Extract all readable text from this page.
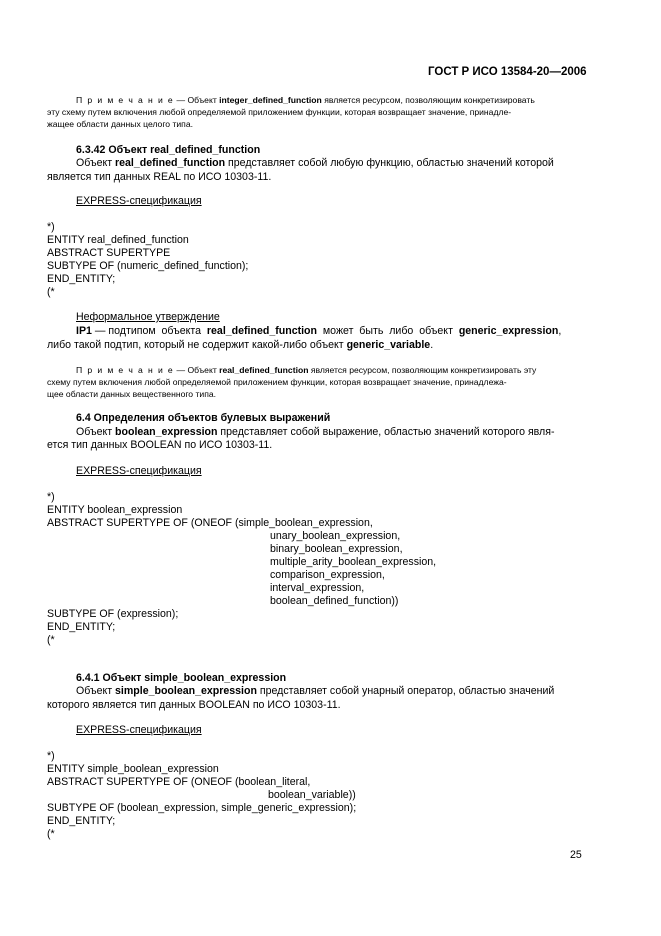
ГОСТ Р ИСО 13584-20—2006
П р и м е ч а н и е — Объект integer_defined_function является ресурсом, позволяющим конкретизировать
эту схему путем включения любой определяемой приложением функции, которая возвращает значение, принадле-
жащее области данных целого типа.
6.3.42 Объект real_defined_function
Объект real_defined_function представляет собой любую функцию, областью значений которой
является тип данных REAL по ИСО 10303-11.
EXPRESS-спецификация
*)
ENTITY real_defined_function
ABSTRACT SUPERTYPE
SUBTYPE OF (numeric_defined_function);
END_ENTITY;
(*
Неформальное утверждение
IP1 — подтипом  объекта  real_defined_function  может  быть  либо  объект  generic_expression,
либо такой подтип, который не содержит какой-либо объект generic_variable.
П р и м е ч а н и е — Объект real_defined_function является ресурсом, позволяющим конкретизировать эту
схему путем включения любой определяемой приложением функции, которая возвращает значение, принадлежа-
щее области данных вещественного типа.
6.4 Определения объектов булевых выражений
Объект boolean_expression представляет собой выражение, областью значений которого явля-
ется тип данных BOOLEAN по ИСО 10303-11.
EXPRESS-спецификация
*)
ENTITY boolean_expression
ABSTRACT SUPERTYPE OF (ONEOF (simple_boolean_expression,
unary_boolean_expression,
binary_boolean_expression,
multiple_arity_boolean_expression,
comparison_expression,
interval_expression,
boolean_defined_function))
SUBTYPE OF (expression);
END_ENTITY;
(*
6.4.1 Объект simple_boolean_expression
Объект simple_boolean_expression представляет собой унарный оператор, областью значений
которого является тип данных BOOLEAN по ИСО 10303-11.
EXPRESS-спецификация
*)
ENTITY simple_boolean_expression
ABSTRACT SUPERTYPE OF (ONEOF (boolean_literal,
boolean_variable))
SUBTYPE OF (boolean_expression, simple_generic_expression);
END_ENTITY;
(*
25
